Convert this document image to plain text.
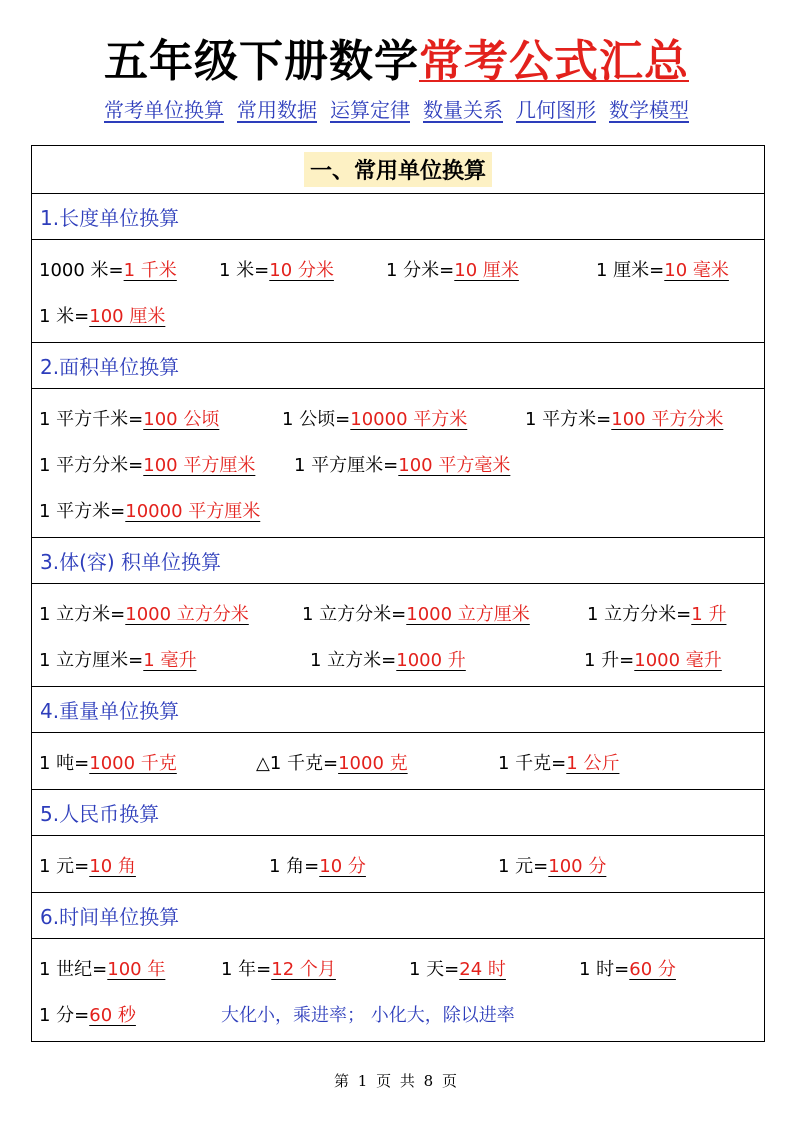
五年级下册数学常考公式汇总
常考单位换算 常用数据 运算定律 数量关系 几何图形 数学模型
一、常用单位换算
1.长度单位换算
1000 米=1 千米 1 米=10 分米	1 分米=10 厘米	1 厘米=10 毫米
1 米=100 厘米
2.面积单位换算
1 平方千米=100 公顷	1 公顷=10000 平方米	1 平方米=100 平方分米
1 平方分米=100 平方厘米 1 平方厘米=100 平方毫米
1 平方米=10000 平方厘米
3.体(容) 积单位换算
1 立方米=1000 立方分米	1 立方分米=1000 立方厘米	1 立方分米=1 升
1 立方厘米=1 毫升	1 立方米=1000 升	1 升=1000 毫升
4.重量单位换算
1 吨=1000 千克	△1 千克=1000 克	1 千克=1 公斤
5.人民币换算
1 元=10 角	1 角=10 分	1 元=100 分
6.时间单位换算
1 世纪=100 年	1 年=12 个月	1 天=24 时	1 时=60 分
1 分=60 秒	大化小，乘进率； 小化大，除以进率
第 1 页 共 8 页
